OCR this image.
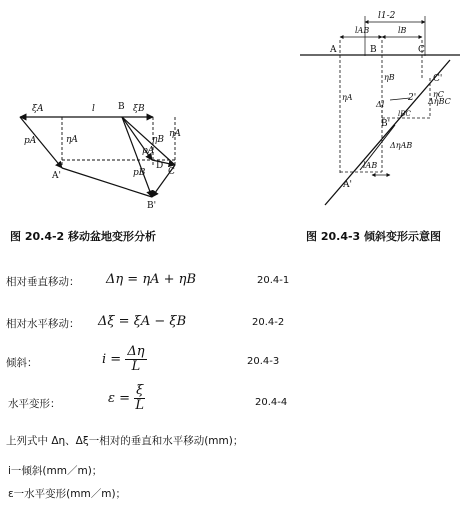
ξA	l	B ξB
pA	ηA
ηA
ηB
A'
pA
D
pB	C
B'
l1-2
lAB	lB
A	B	C
C'
ηC
ηB
ηA	2'
Δl	ΔηBC
B'
ΔηAB
lAB
A'
lBC
图 20.4-2 移动盆地变形分析	图 20.4-3 倾斜变形示意图
相对垂直移动： Δη = ηA + ηB	20.4-1
相对水平移动： Δξ = ξA − ξB	20.4-2
倾斜：	$i = \frac{\Delta\eta}{L}$	20.4-3
水平变形：	$\varepsilon = \frac{\xi}{L}$	20.4-4
上列式中 Δη、Δξ一相对的垂直和水平移动(mm)；
i一倾斜(mm／m)；
ε一水平变形(mm／m)；
